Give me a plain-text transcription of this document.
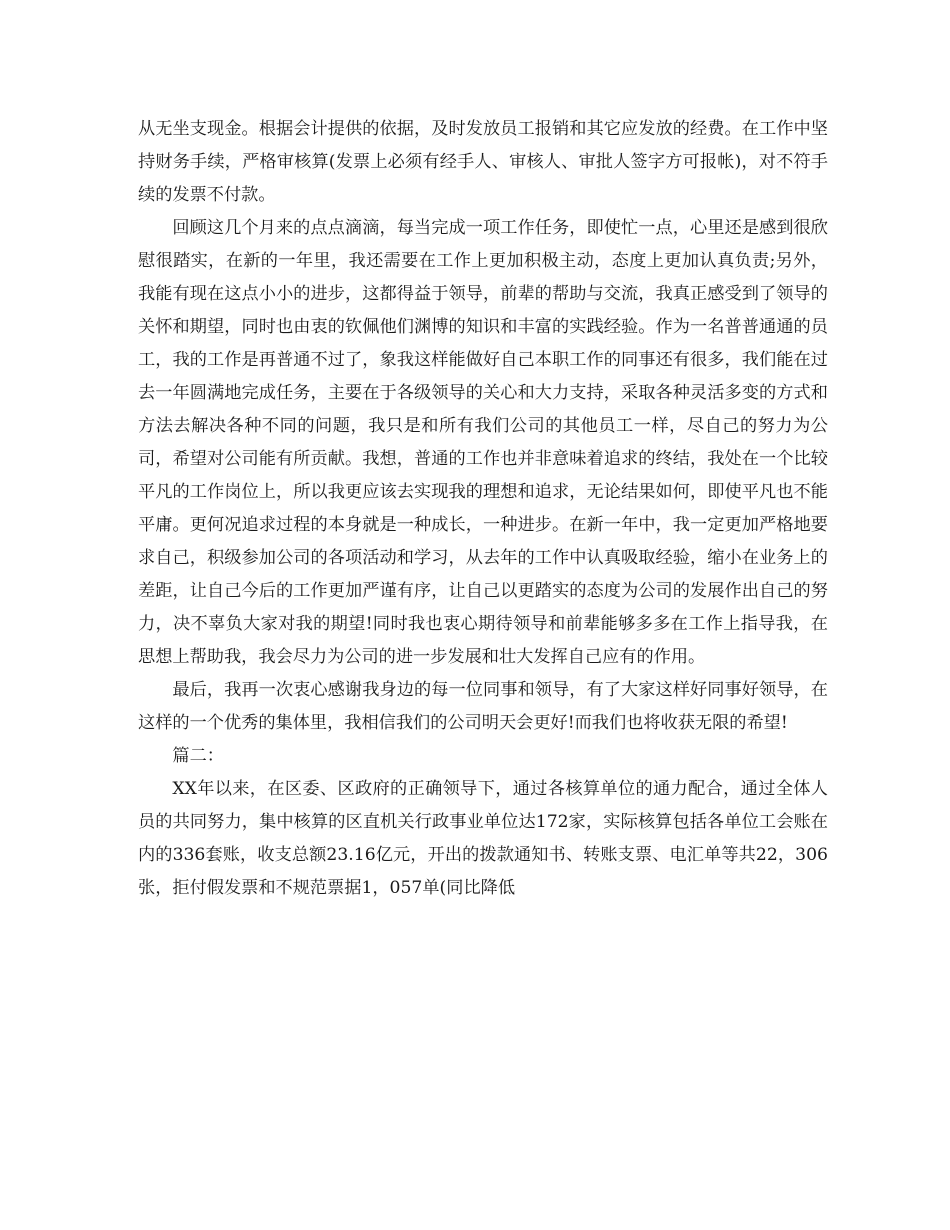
从无坐支现金。根据会计提供的依据，及时发放员工报销和其它应发放的经费。在工作中坚持财务手续，严格审核算(发票上必须有经手人、审核人、审批人签字方可报帐)，对不符手续的发票不付款。

回顾这几个月来的点点滴滴，每当完成一项工作任务，即使忙一点，心里还是感到很欣慰很踏实，在新的一年里，我还需要在工作上更加积极主动，态度上更加认真负责;另外，我能有现在这点小小的进步，这都得益于领导，前辈的帮助与交流，我真正感受到了领导的关怀和期望，同时也由衷的钦佩他们渊博的知识和丰富的实践经验。作为一名普普通通的员工，我的工作是再普通不过了，象我这样能做好自己本职工作的同事还有很多，我们能在过去一年圆满地完成任务，主要在于各级领导的关心和大力支持，采取各种灵活多变的方式和方法去解决各种不同的问题，我只是和所有我们公司的其他员工一样，尽自己的努力为公司，希望对公司能有所贡献。我想，普通的工作也并非意味着追求的终结，我处在一个比较平凡的工作岗位上，所以我更应该去实现我的理想和追求，无论结果如何，即使平凡也不能平庸。更何况追求过程的本身就是一种成长，一种进步。在新一年中，我一定更加严格地要求自己，积级参加公司的各项活动和学习，从去年的工作中认真吸取经验，缩小在业务上的差距，让自己今后的工作更加严谨有序，让自己以更踏实的态度为公司的发展作出自己的努力，决不辜负大家对我的期望!同时我也衷心期待领导和前辈能够多多在工作上指导我，在思想上帮助我，我会尽力为公司的进一步发展和壮大发挥自己应有的作用。

最后，我再一次衷心感谢我身边的每一位同事和领导，有了大家这样好同事好领导，在这样的一个优秀的集体里，我相信我们的公司明天会更好!而我们也将收获无限的希望!

篇二：

XX年以来，在区委、区政府的正确领导下，通过各核算单位的通力配合，通过全体人员的共同努力，集中核算的区直机关行政事业单位达172家，实际核算包括各单位工会账在内的336套账，收支总额23.16亿元，开出的拨款通知书、转账支票、电汇单等共22，306张，拒付假发票和不规范票据1，057单(同比降低
